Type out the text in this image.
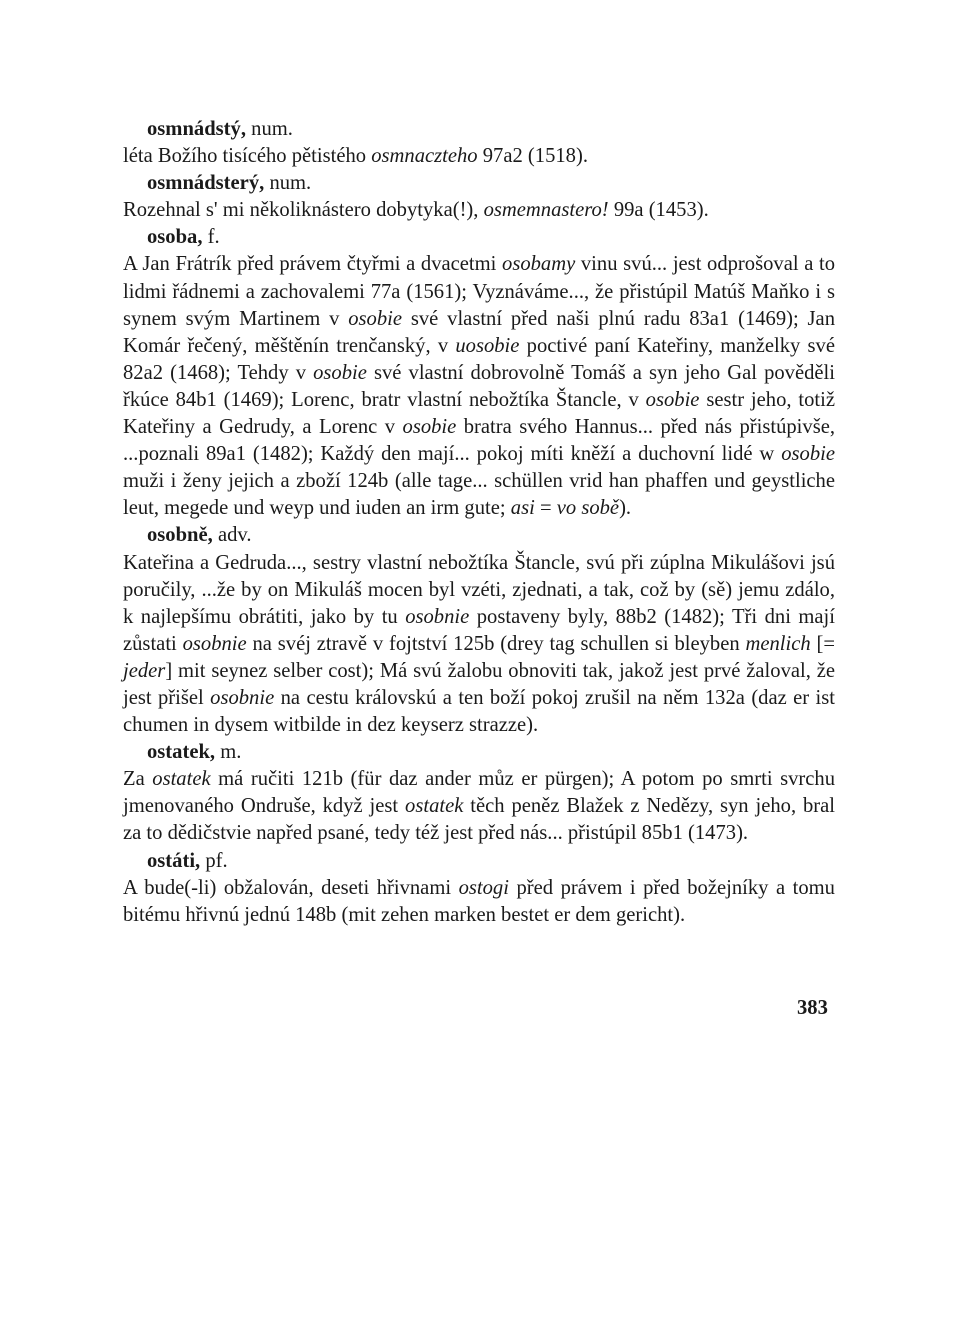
osmnádstý, num.

léta Božího tisícého pětistého osmnaczteho 97a2 (1518).

osmnádsterý, num.

Rozehnal s' mi několiknástero dobytyka(!), osmemnastero! 99a (1453).

osoba, f.

A Jan Frátrík před právem čtyřmi a dvacetmi osobamy vinu svú... jest odprošoval a to lidmi řádnemi a zachovalemi 77a (1561); Vyznáváme..., že přistúpil Matúš Maňko i s synem svým Martinem v osobie své vlastní před naši plnú radu 83a1 (1469); Jan Komár řečený, měštěnín trenčanský, v uosobie poctivé paní Kateřiny, manželky své 82a2 (1468); Tehdy v osobie své vlastní dobrovolně Tomáš a syn jeho Gal pověděli řkúce 84b1 (1469); Lorenc, bratr vlastní nebožtíka Štancle, v osobie sestr jeho, totiž Kateřiny a Gedrudy, a Lorenc v osobie bratra svého Hannus... před nás přistúpivše, ...poznali 89a1 (1482); Každý den mají... pokoj míti kněží a duchovní lidé w osobie muži i ženy jejich a zboží 124b (alle tage... schüllen vrid han phaffen und geystliche leut, megede und weyp und iuden an irm gute; asi = vo sobě).

osobně, adv.

Kateřina a Gedruda..., sestry vlastní nebožtíka Štancle, svú při zúplna Mikulášovi jsú poručily, ...že by on Mikuláš mocen byl vzéti, zjednati, a tak, což by (sě) jemu zdálo, k najlepšímu obrátiti, jako by tu osobnie postaveny byly, 88b2 (1482); Tři dni mají zůstati osobnie na svéj ztravě v fojtství 125b (drey tag schullen si bleyben menlich [= jeder] mit seynez selber cost); Má svú žalobu obnoviti tak, jakož jest prvé žaloval, že jest přišel osobnie na cestu královskú a ten boží pokoj zrušil na něm 132a (daz er ist chumen in dysem witbilde in dez keyserz strazze).

ostatek, m.

Za ostatek má ručiti 121b (für daz ander můz er pürgen); A potom po smrti svrchu jmenovaného Ondruše, když jest ostatek těch peněz Blažek z Nedězy, syn jeho, bral za to dědičstvie napřed psané, tedy též jest před nás... přistúpil 85b1 (1473).

ostáti, pf.

A bude(-li) obžalován, deseti hřivnami ostogi před právem i před božejníky a tomu bitému hřivnú jednú 148b (mit zehen marken bestet er dem gericht).

383
